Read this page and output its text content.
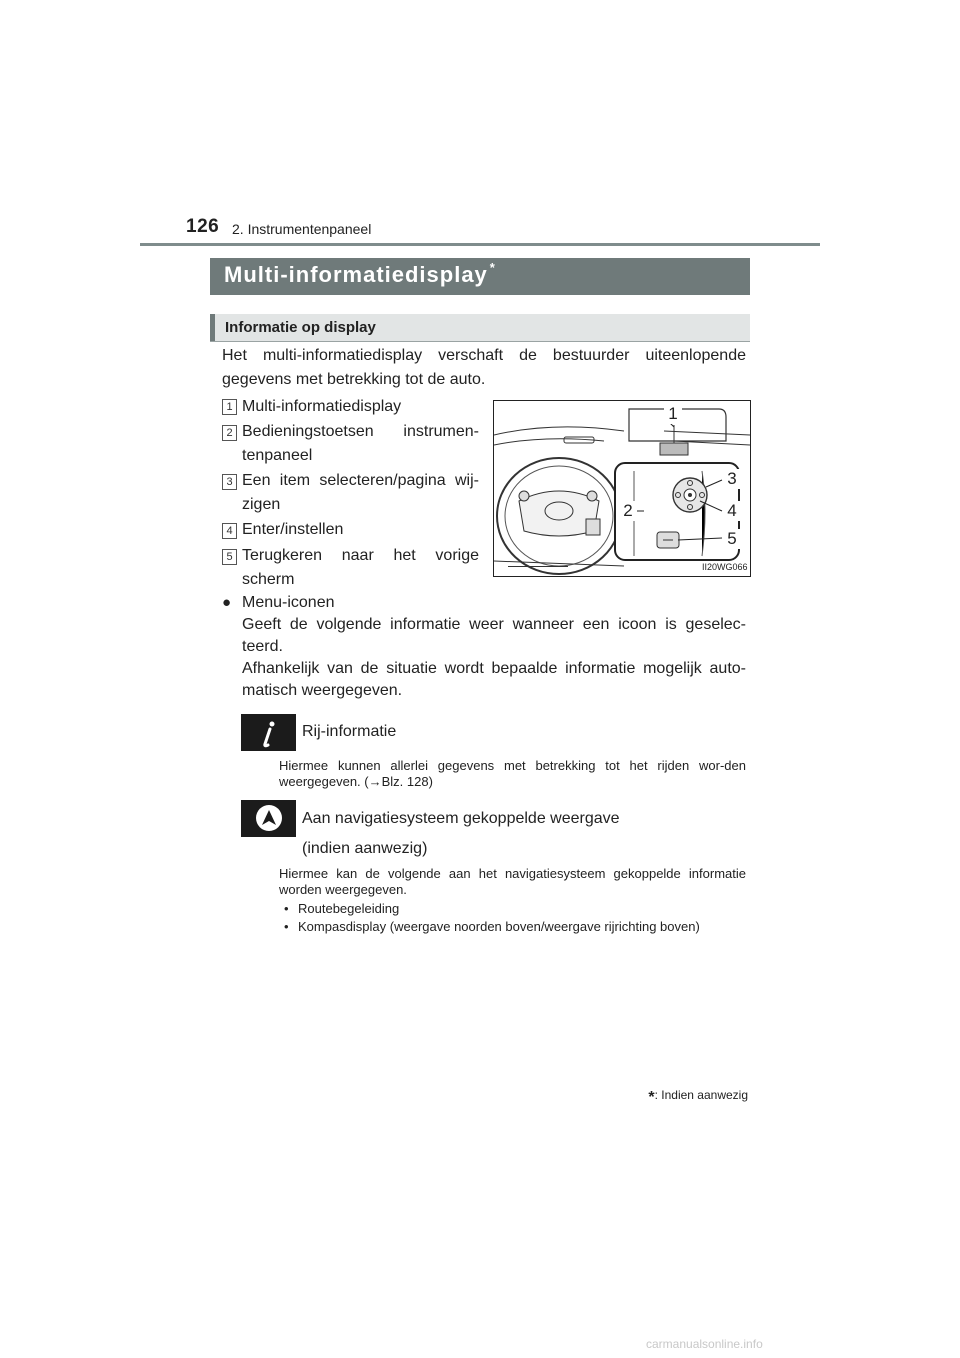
126 2. Instrumentenpaneel
Multi-informatiedisplay *
Informatie op display
Het multi-informatiedisplay verschaft de bestuurder uiteenlopende gegevens met betrekking tot de auto.
1 Multi-informatiedisplay
2 Bedieningstoetsen instrumen-
tenpaneel
3 Een item selecteren/pagina wij-
zigen
4 Enter/instellen
5 Terugkeren naar het vorige
scherm
1
2
3
4
5
II20WG066
● Menu-iconen

Geeft de volgende informatie weer wanneer een icoon is geselec-teerd.

Afhankelijk van de situatie wordt bepaalde informatie mogelijk auto-matisch weergegeven.

Rij-informatie
Hiermee kunnen allerlei gegevens met betrekking tot het rijden wor-den weergegeven. (→Blz. 128)
Aan navigatiesysteem gekoppelde weergave
(indien aanwezig)
Hiermee kan de volgende aan het navigatiesysteem gekoppelde informatie worden weergegeven.
• Routebegeleiding
• Kompasdisplay (weergave noorden boven/weergave rijrichting boven)
*: Indien aanwezig
carmanualsonline.info
